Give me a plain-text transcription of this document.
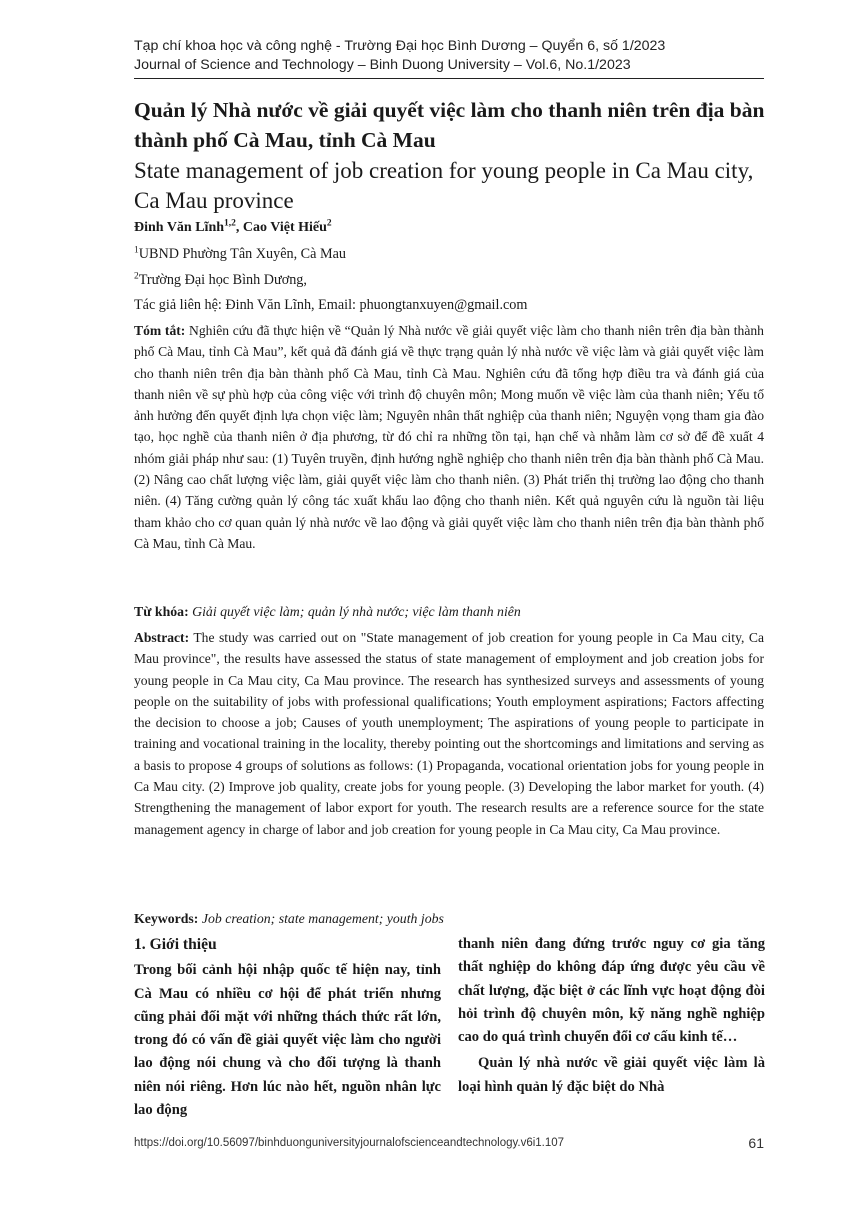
Tạp chí khoa học và công nghệ - Trường Đại học Bình Dương – Quyển 6, số 1/2023
Journal of Science and Technology – Binh Duong University – Vol.6, No.1/2023
Quản lý Nhà nước về giải quyết việc làm cho thanh niên trên địa bàn thành phố Cà Mau, tỉnh Cà Mau
State management of job creation for young people in Ca Mau city, Ca Mau province
Đinh Văn Lĩnh$^{1,2}$, Cao Việt Hiếu$^2$
$^1$UBND Phường Tân Xuyên, Cà Mau
$^2$Trường Đại học Bình Dương,
Tác giả liên hệ: Đinh Văn Lĩnh, Email: phuongtanxuyen@gmail.com
Tóm tắt: Nghiên cứu đã thực hiện về “Quản lý Nhà nước về giải quyết việc làm cho thanh niên trên địa bàn thành phố Cà Mau, tỉnh Cà Mau”, kết quả đã đánh giá về thực trạng quản lý nhà nước về việc làm và giải quyết việc làm cho thanh niên trên địa bàn thành phố Cà Mau, tỉnh Cà Mau. Nghiên cứu đã tổng hợp điều tra và đánh giá của thanh niên về sự phù hợp của công việc với trình độ chuyên môn; Mong muốn về việc làm của thanh niên; Yếu tố ảnh hưởng đến quyết định lựa chọn việc làm; Nguyên nhân thất nghiệp của thanh niên; Nguyện vọng tham gia đào tạo, học nghề của thanh niên ở địa phương, từ đó chỉ ra những tồn tại, hạn chế và nhằm làm cơ sở để đề xuất 4 nhóm giải pháp như sau: (1) Tuyên truyền, định hướng nghề nghiệp cho thanh niên trên địa bàn thành phố Cà Mau. (2) Nâng cao chất lượng việc làm, giải quyết việc làm cho thanh niên. (3) Phát triển thị trường lao động cho thanh niên. (4) Tăng cường quản lý công tác xuất khẩu lao động cho thanh niên. Kết quả nguyên cứu là nguồn tài liệu tham khảo cho cơ quan quản lý nhà nước về lao động và giải quyết việc làm cho thanh niên trên địa bàn thành phố Cà Mau, tỉnh Cà Mau.
Từ khóa: Giải quyết việc làm; quản lý nhà nước; việc làm thanh niên
Abstract: The study was carried out on "State management of job creation for young people in Ca Mau city, Ca Mau province", the results have assessed the status of state management of employment and job creation jobs for young people in Ca Mau city, Ca Mau province. The research has synthesized surveys and assessments of young people on the suitability of jobs with professional qualifications; Youth employment aspirations; Factors affecting the decision to choose a job; Causes of youth unemployment; The aspirations of young people to participate in training and vocational training in the locality, thereby pointing out the shortcomings and limitations and serving as a basis to propose 4 groups of solutions as follows: (1) Propaganda, vocational orientation jobs for young people in Ca Mau city. (2) Improve job quality, create jobs for young people. (3) Developing the labor market for youth. (4) Strengthening the management of labor export for youth. The research results are a reference source for the state management agency in charge of labor and job creation for young people in Ca Mau city, Ca Mau province.
Keywords: Job creation; state management; youth jobs
1. Giới thiệu
Trong bối cảnh hội nhập quốc tế hiện nay, tỉnh Cà Mau có nhiều cơ hội để phát triển nhưng cũng phải đối mặt với những thách thức rất lớn, trong đó có vấn đề giải quyết việc làm cho người lao động nói chung và cho đối tượng là thanh niên nói riêng. Hơn lúc nào hết, nguồn nhân lực lao động
thanh niên đang đứng trước nguy cơ gia tăng thất nghiệp do không đáp ứng được yêu cầu về chất lượng, đặc biệt ở các lĩnh vực hoạt động đòi hỏi trình độ chuyên môn, kỹ năng nghề nghiệp cao do quá trình chuyển đổi cơ cấu kinh tế…
Quản lý nhà nước về giải quyết việc làm là loại hình quản lý đặc biệt do Nhà
https://doi.org/10.56097/binhduonguniversityjournalofscienceandtechnology.v6i1.107	61
